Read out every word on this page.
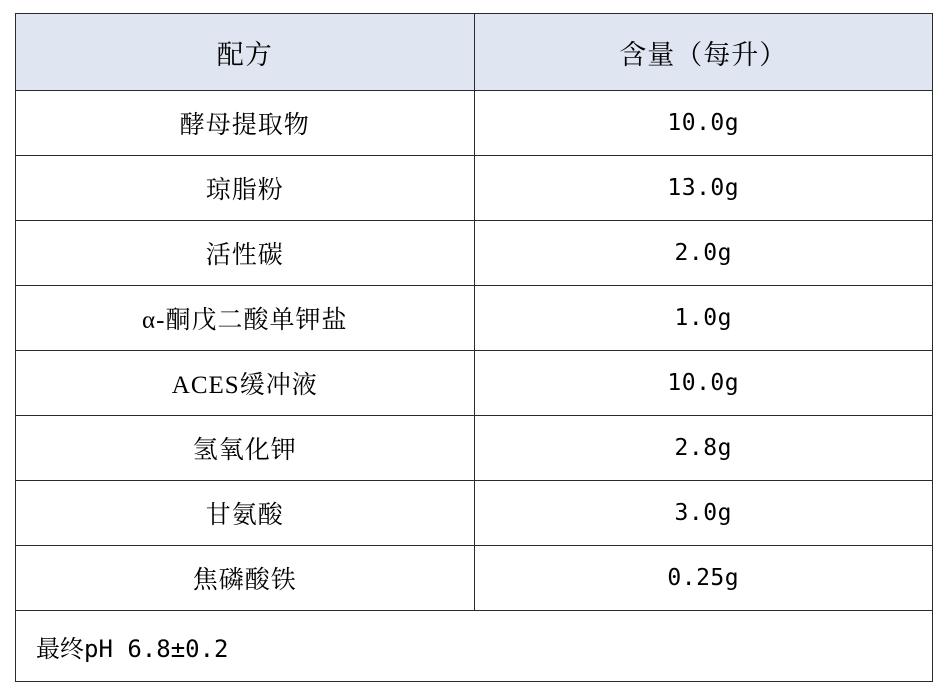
配方	含量（每升）
酵母提取物	10.0g
琼脂粉	13.0g
活性碳	2.0g
α-酮戊二酸单钾盐	1.0g
ACES缓冲液	10.0g
氢氧化钾	2.8g
甘氨酸	3.0g
焦磷酸铁	0.25g
最终pH 6.8±0.2	
